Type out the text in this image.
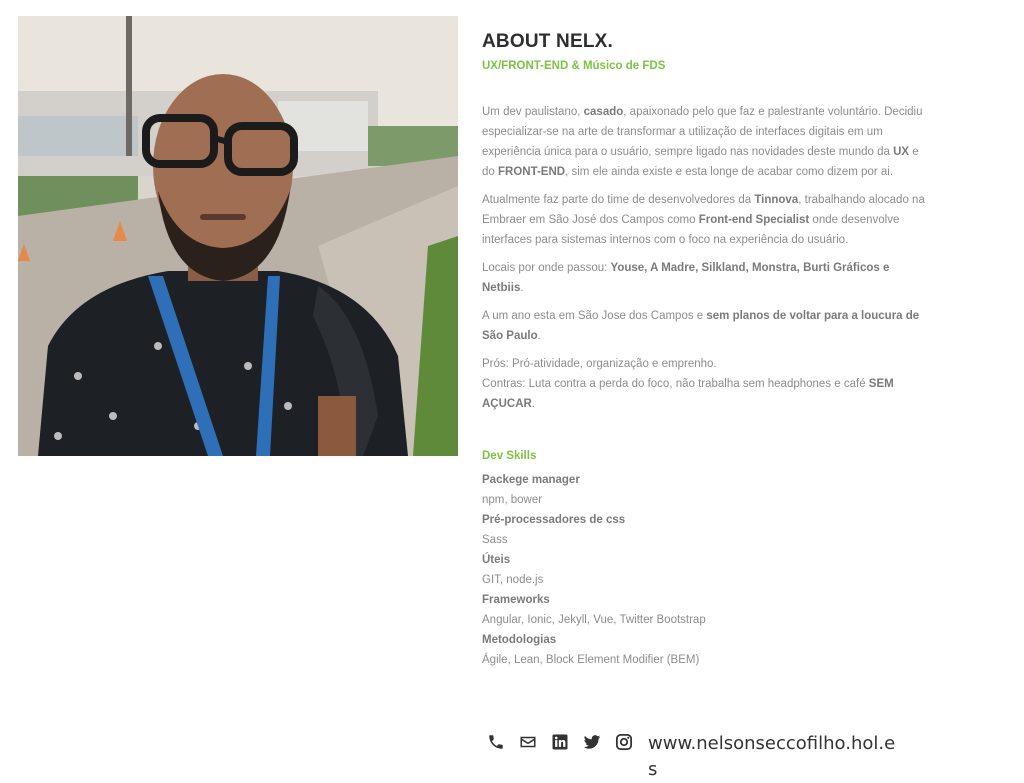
ABOUT NELX.
UX/FRONT-END & Músico de FDS

Um dev paulistano, casado, apaixonado pelo que faz e palestrante voluntário. Decidiu especializar-se na arte de transformar a utilização de interfaces digitais em um experiência única para o usuário, sempre ligado nas novidades deste mundo da UX e do FRONT-END, sim ele ainda existe e esta longe de acabar como dizem por ai.

Atualmente faz parte do time de desenvolvedores da Tinnova, trabalhando alocado na Embraer em São José dos Campos como Front-end Specialist onde desenvolve interfaces para sistemas internos com o foco na experiência do usuário.

Locais por onde passou: Youse, A Madre, Silkland, Monstra, Burti Gráficos e Netbiis.

A um ano esta em São Jose dos Campos e sem planos de voltar para a loucura de São Paulo.

Prós: Pró-atividade, organização e emprenho.
Contras: Luta contra a perda do foco, não trabalha sem headphones e café SEM AÇUCAR.

Dev Skills
Packege manager
npm, bower
Pré-processadores de css
Sass
Úteis
GIT, node.js
Frameworks
Angular, Ionic, Jekyll, Vue, Twitter Bootstrap
Metodologias
Ágile, Lean, Block Element Modifier (BEM)
www.nelsonseccofilho.hol.es
